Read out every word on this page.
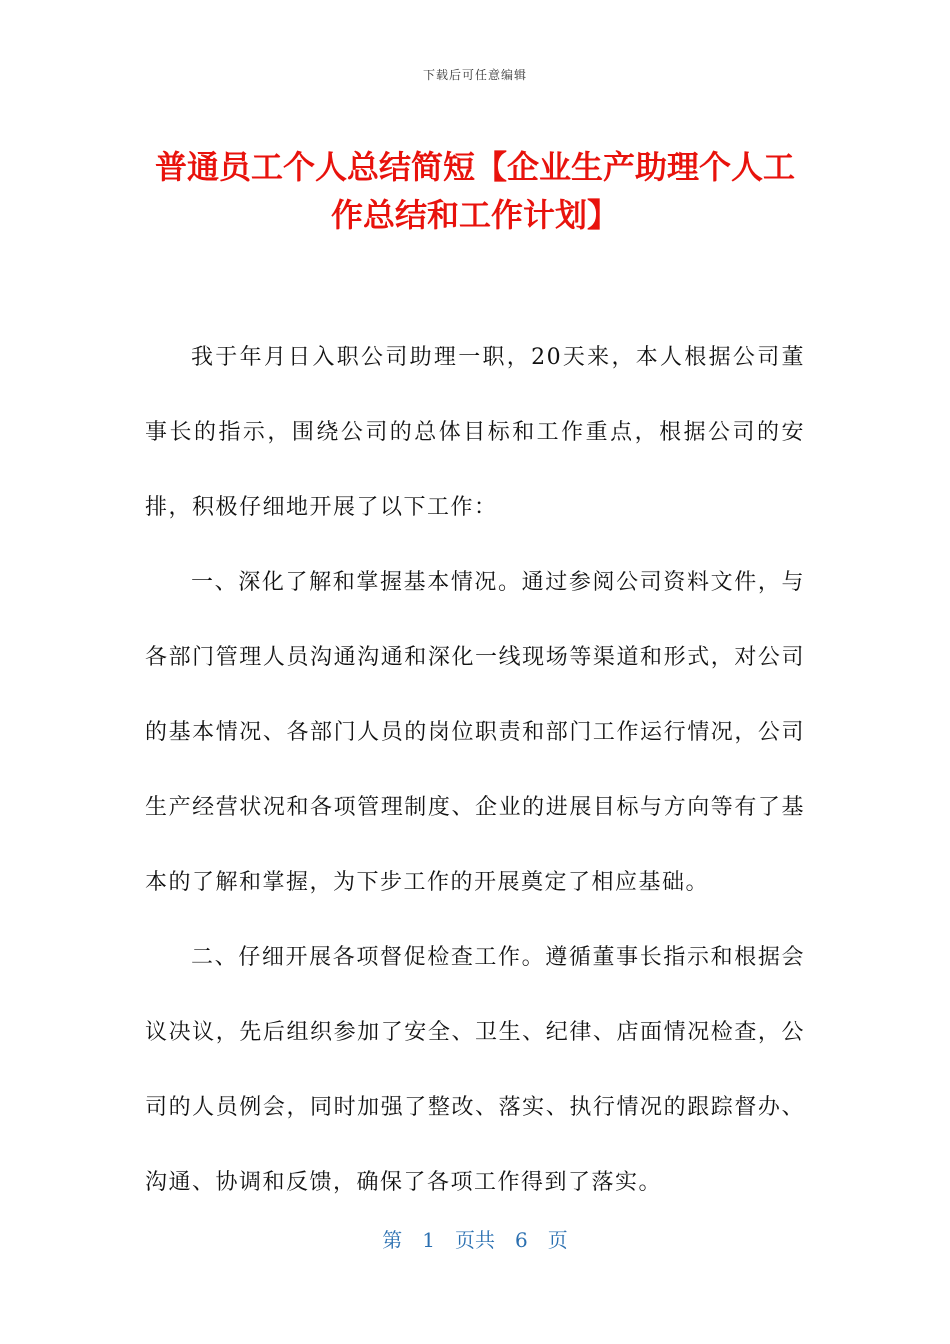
下载后可任意编辑
普通员工个人总结简短【企业生产助理个人工作总结和工作计划】

我于年月日入职公司助理一职，20天来，本人根据公司董事长的指示，围绕公司的总体目标和工作重点，根据公司的安排，积极仔细地开展了以下工作：

一、深化了解和掌握基本情况。通过参阅公司资料文件，与各部门管理人员沟通沟通和深化一线现场等渠道和形式，对公司的基本情况、各部门人员的岗位职责和部门工作运行情况，公司生产经营状况和各项管理制度、企业的进展目标与方向等有了基本的了解和掌握，为下步工作的开展奠定了相应基础。

二、仔细开展各项督促检查工作。遵循董事长指示和根据会议决议，先后组织参加了安全、卫生、纪律、店面情况检查，公司的人员例会，同时加强了整改、落实、执行情况的跟踪督办、沟通、协调和反馈，确保了各项工作得到了落实。

第 1 页共 6 页
